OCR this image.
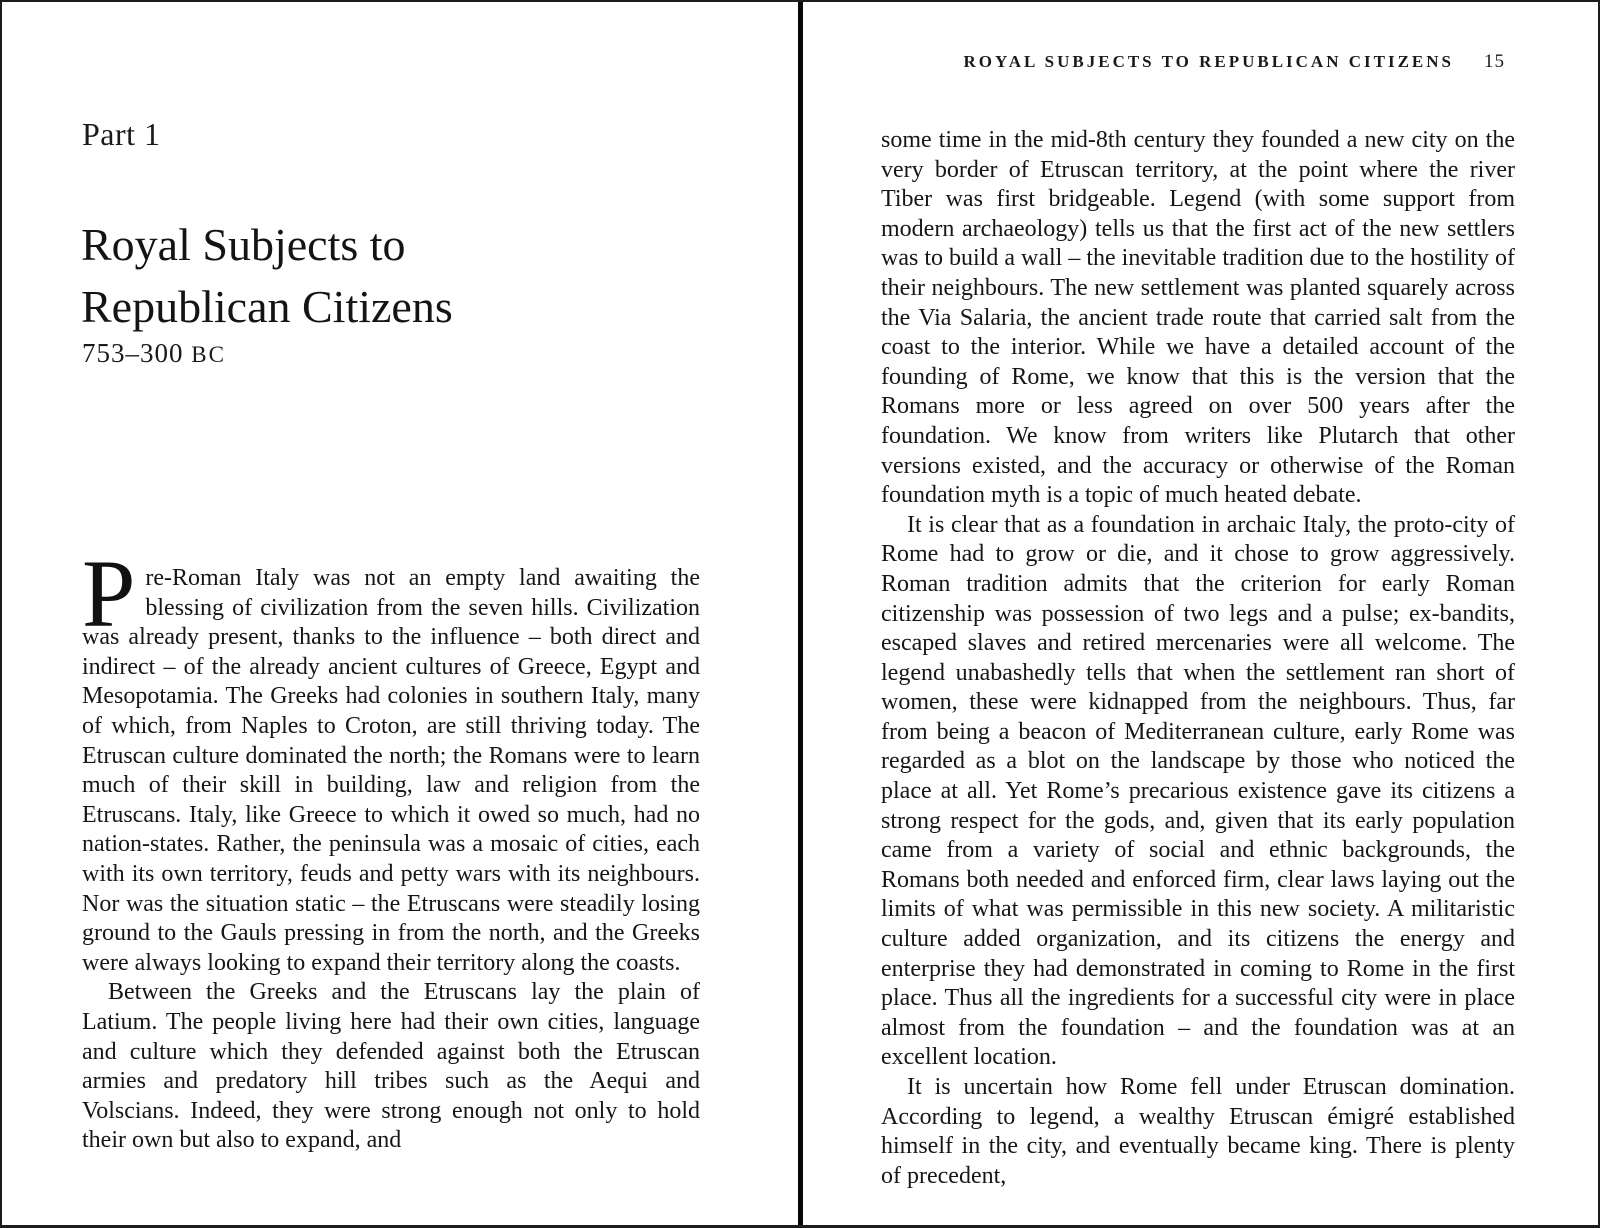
Part 1
Royal Subjects to
Republican Citizens
753–300 BC

Pre-Roman Italy was not an empty land awaiting the blessing of civilization from the seven hills. Civilization was already present, thanks to the influence – both direct and indirect – of the already ancient cultures of Greece, Egypt and Mesopotamia. The Greeks had colonies in southern Italy, many of which, from Naples to Croton, are still thriving today. The Etruscan culture dominated the north; the Romans were to learn much of their skill in building, law and religion from the Etruscans. Italy, like Greece to which it owed so much, had no nation-states. Rather, the peninsula was a mosaic of cities, each with its own territory, feuds and petty wars with its neighbours. Nor was the situation static – the Etruscans were steadily losing ground to the Gauls pressing in from the north, and the Greeks were always looking to expand their territory along the coasts.

Between the Greeks and the Etruscans lay the plain of Latium. The people living here had their own cities, language and culture which they defended against both the Etruscan armies and predatory hill tribes such as the Aequi and Volscians. Indeed, they were strong enough not only to hold their own but also to expand, and

ROYAL SUBJECTS TO REPUBLICAN CITIZENS 15

some time in the mid-8th century they founded a new city on the very border of Etruscan territory, at the point where the river Tiber was first bridgeable. Legend (with some support from modern archaeology) tells us that the first act of the new settlers was to build a wall – the inevitable tradition due to the hostility of their neighbours. The new settlement was planted squarely across the Via Salaria, the ancient trade route that carried salt from the coast to the interior. While we have a detailed account of the founding of Rome, we know that this is the version that the Romans more or less agreed on over 500 years after the foundation. We know from writers like Plutarch that other versions existed, and the accuracy or otherwise of the Roman foundation myth is a topic of much heated debate.

It is clear that as a foundation in archaic Italy, the proto-city of Rome had to grow or die, and it chose to grow aggressively. Roman tradition admits that the criterion for early Roman citizenship was possession of two legs and a pulse; ex-bandits, escaped slaves and retired mercenaries were all welcome. The legend unabashedly tells that when the settlement ran short of women, these were kidnapped from the neighbours. Thus, far from being a beacon of Mediterranean culture, early Rome was regarded as a blot on the landscape by those who noticed the place at all. Yet Rome’s precarious existence gave its citizens a strong respect for the gods, and, given that its early population came from a variety of social and ethnic backgrounds, the Romans both needed and enforced firm, clear laws laying out the limits of what was permissible in this new society. A militaristic culture added organization, and its citizens the energy and enterprise they had demonstrated in coming to Rome in the first place. Thus all the ingredients for a successful city were in place almost from the foundation – and the foundation was at an excellent location.

It is uncertain how Rome fell under Etruscan domination. According to legend, a wealthy Etruscan émigré established himself in the city, and eventually became king. There is plenty of precedent,
